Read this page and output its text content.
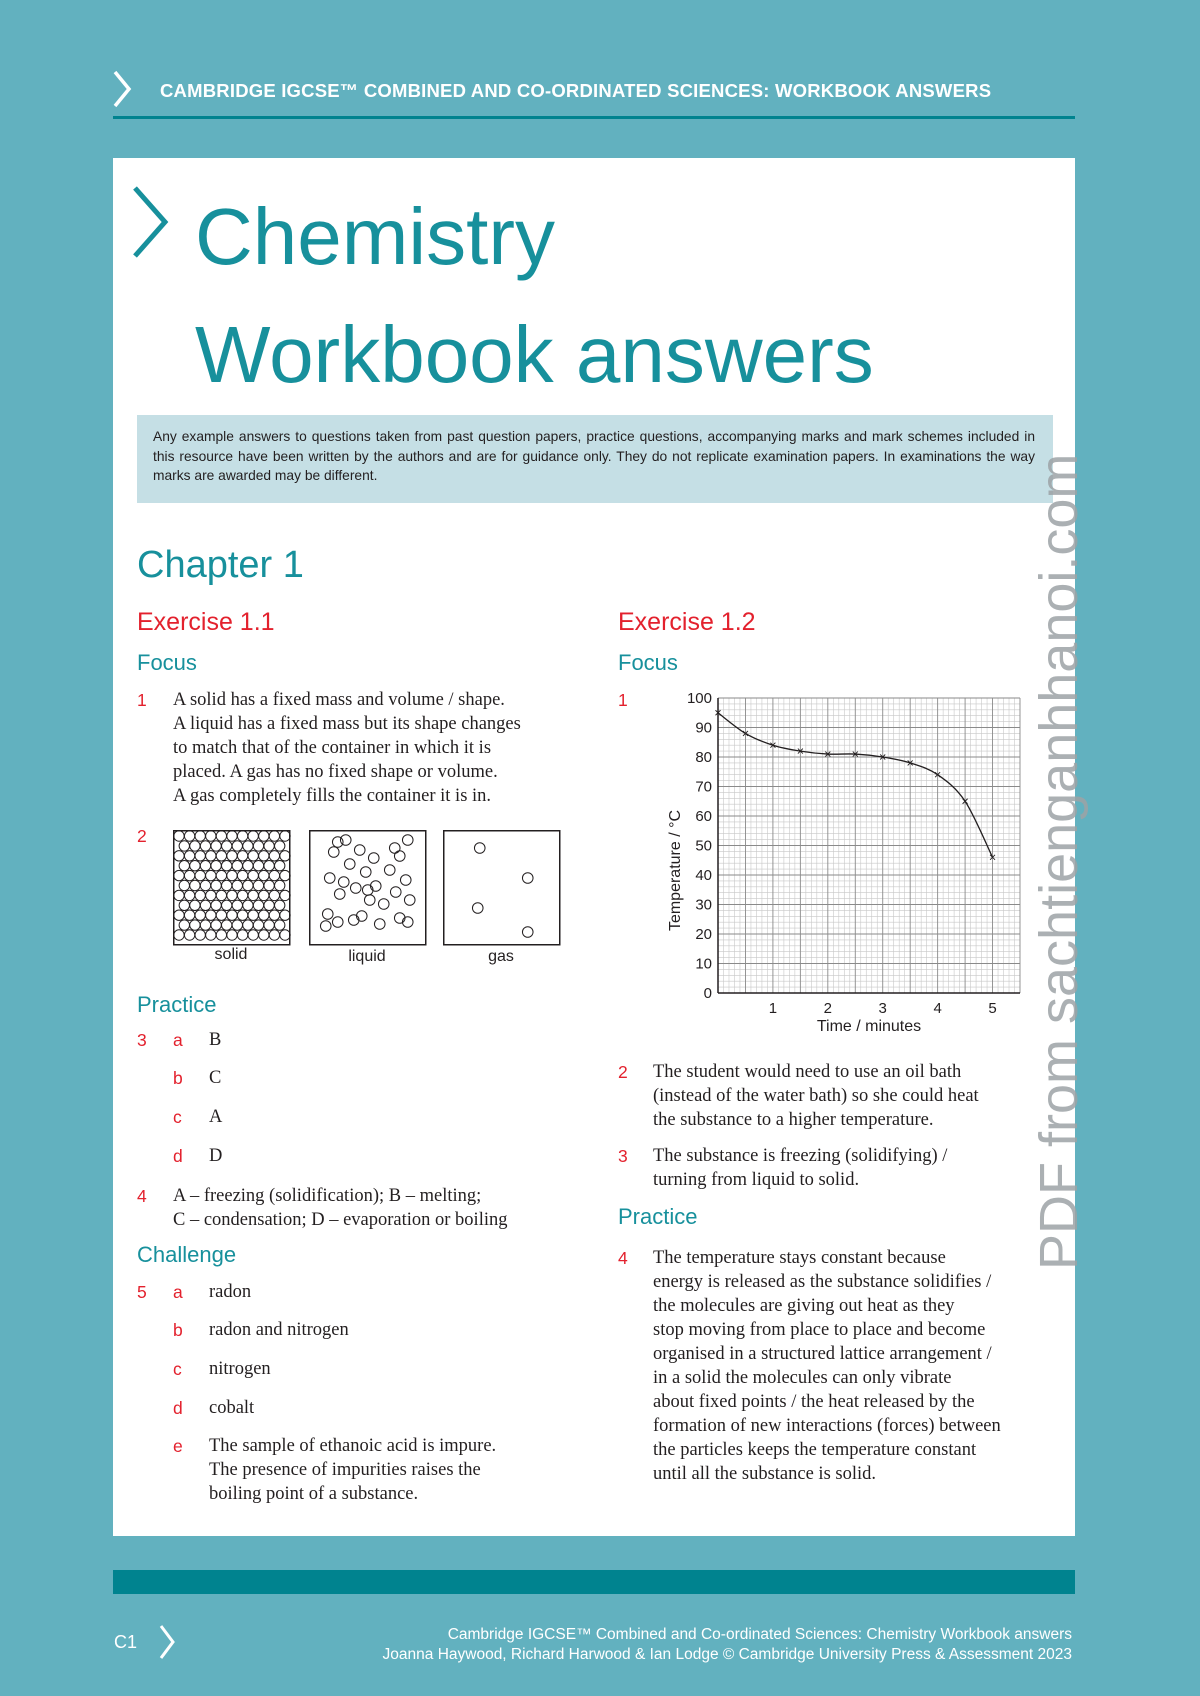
CAMBRIDGE IGCSE™ COMBINED AND CO-ORDINATED SCIENCES: WORKBOOK ANSWERS
Chemistry
Workbook answers
Any example answers to questions taken from past question papers, practice questions, accompanying marks and mark schemes included in this resource have been written by the authors and are for guidance only. They do not replicate examination papers. In examinations the way marks are awarded may be different.
Chapter 1
Exercise 1.1
Focus
1 A solid has a fixed mass and volume / shape.

A liquid has a fixed mass but its shape changes

to match that of the container in which it is

placed. A gas has no fixed shape or volume.

A gas completely fills the container it is in.

2
solid	liquid	gas
Practice
3 a B
b C
c A
d D
4 A – freezing (solidification); B – melting;

C – condensation; D – evaporation or boiling

Challenge
5 a radon
b radon and nitrogen
c nitrogen
d cobalt
e The sample of ethanoic acid is impure.

The presence of impurities raises the

boiling point of a substance.

Exercise 1.2
Focus
1
0
10
20
30
40
50
60
70
80
90
100
1	2	3	4	5
Time / minutes
Temperature / °C
2 The student would need to use an oil bath

(instead of the water bath) so she could heat

the substance to a higher temperature.

3 The substance is freezing (solidifying) /

turning from liquid to solid.

Practice
4 The temperature stays constant because

energy is released as the substance solidifies /

the molecules are giving out heat as they

stop moving from place to place and become

organised in a structured lattice arrangement /

in a solid the molecules can only vibrate

about fixed points / the heat released by the

formation of new interactions (forces) between

the particles keeps the temperature constant

until all the substance is solid.

PDF from sachtienganhhanoi.com
C1	Cambridge IGCSE™ Combined and Co-ordinated Sciences: Chemistry Workbook answers
Joanna Haywood, Richard Harwood & Ian Lodge © Cambridge University Press & Assessment 2023
